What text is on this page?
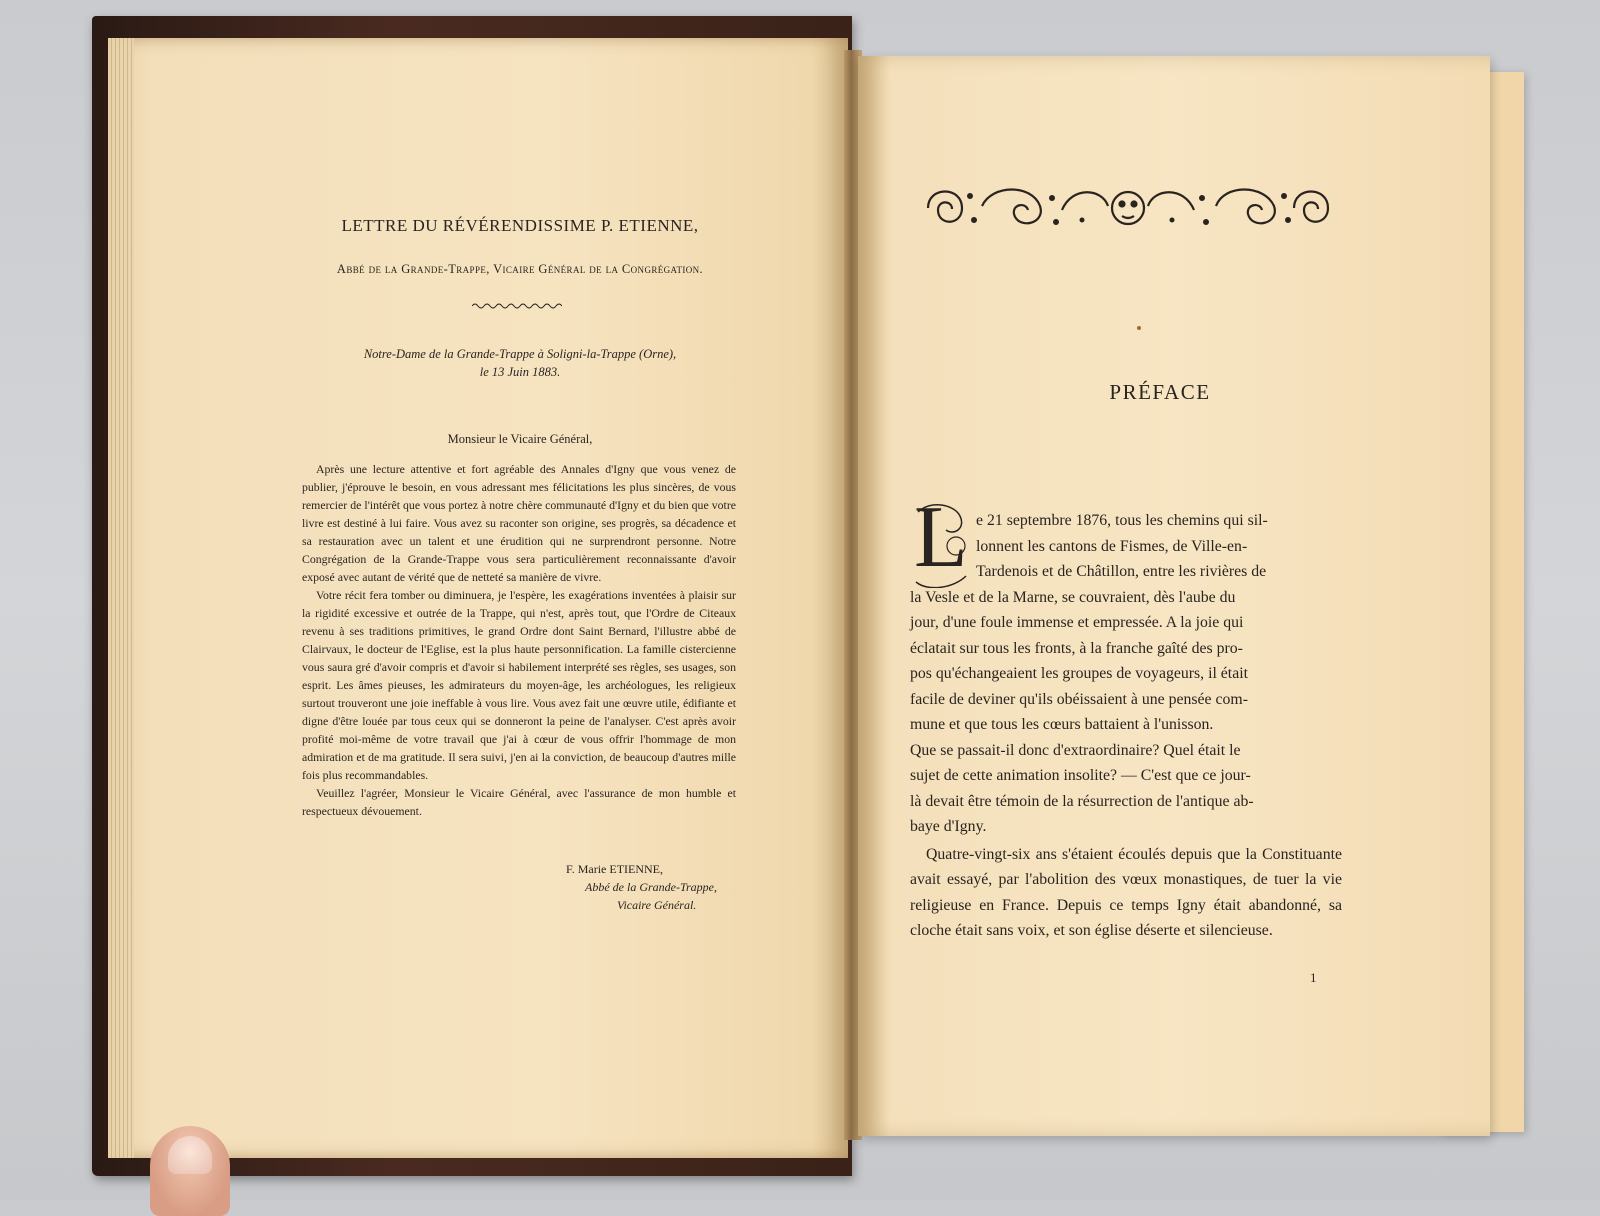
LETTRE DU RÉVÉRENDISSIME P. ETIENNE,
Abbé de la Grande-Trappe, Vicaire Général de la Congrégation.
Notre-Dame de la Grande-Trappe à Soligni-la-Trappe (Orne),
le 13 Juin 1883.
Monsieur le Vicaire Général,

Après une lecture attentive et fort agréable des Annales d'Igny que vous venez de publier, j'éprouve le besoin, en vous adressant mes félicitations les plus sincères, de vous remercier de l'intérêt que vous portez à notre chère communauté d'Igny et du bien que votre livre est destiné à lui faire. Vous avez su raconter son origine, ses progrès, sa décadence et sa restauration avec un talent et une érudition qui ne surprendront personne. Notre Congrégation de la Grande-Trappe vous sera particulièrement reconnaissante d'avoir exposé avec autant de vérité que de netteté sa manière de vivre.

Votre récit fera tomber ou diminuera, je l'espère, les exagérations inventées à plaisir sur la rigidité excessive et outrée de la Trappe, qui n'est, après tout, que l'Ordre de Citeaux revenu à ses traditions primitives, le grand Ordre dont Saint Bernard, l'illustre abbé de Clairvaux, le docteur de l'Eglise, est la plus haute personnification. La famille cistercienne vous saura gré d'avoir compris et d'avoir si habilement interprété ses règles, ses usages, son esprit. Les âmes pieuses, les admirateurs du moyen-âge, les archéologues, les religieux surtout trouveront une joie ineffable à vous lire. Vous avez fait une œuvre utile, édifiante et digne d'être louée par tous ceux qui se donneront la peine de l'analyser. C'est après avoir profité moi-même de votre travail que j'ai à cœur de vous offrir l'hommage de mon admiration et de ma gratitude. Il sera suivi, j'en ai la conviction, de beaucoup d'autres mille fois plus recommandables.

Veuillez l'agréer, Monsieur le Vicaire Général, avec l'assurance de mon humble et respectueux dévouement.

F. Marie ETIENNE,
Abbé de la Grande-Trappe,
Vicaire Général.
PRÉFACE
L e 21 septembre 1876, tous les chemins qui sil-
lonnent les cantons de Fismes, de Ville-en-
Tardenois et de Châtillon, entre les rivières de
la Vesle et de la Marne, se couvraient, dès l'aube du
jour, d'une foule immense et empressée. A la joie qui
éclatait sur tous les fronts, à la franche gaîté des pro-
pos qu'échangeaient les groupes de voyageurs, il était
facile de deviner qu'ils obéissaient à une pensée com-
mune et que tous les cœurs battaient à l'unisson.
Que se passait-il donc d'extraordinaire? Quel était le
sujet de cette animation insolite? — C'est que ce jour-
là devait être témoin de la résurrection de l'antique ab-
baye d'Igny.
Quatre-vingt-six ans s'étaient écoulés depuis que la Constituante avait essayé, par l'abolition des vœux monastiques, de tuer la vie religieuse en France. Depuis ce temps Igny était abandonné, sa cloche était sans voix, et son église déserte et silencieuse.
1
